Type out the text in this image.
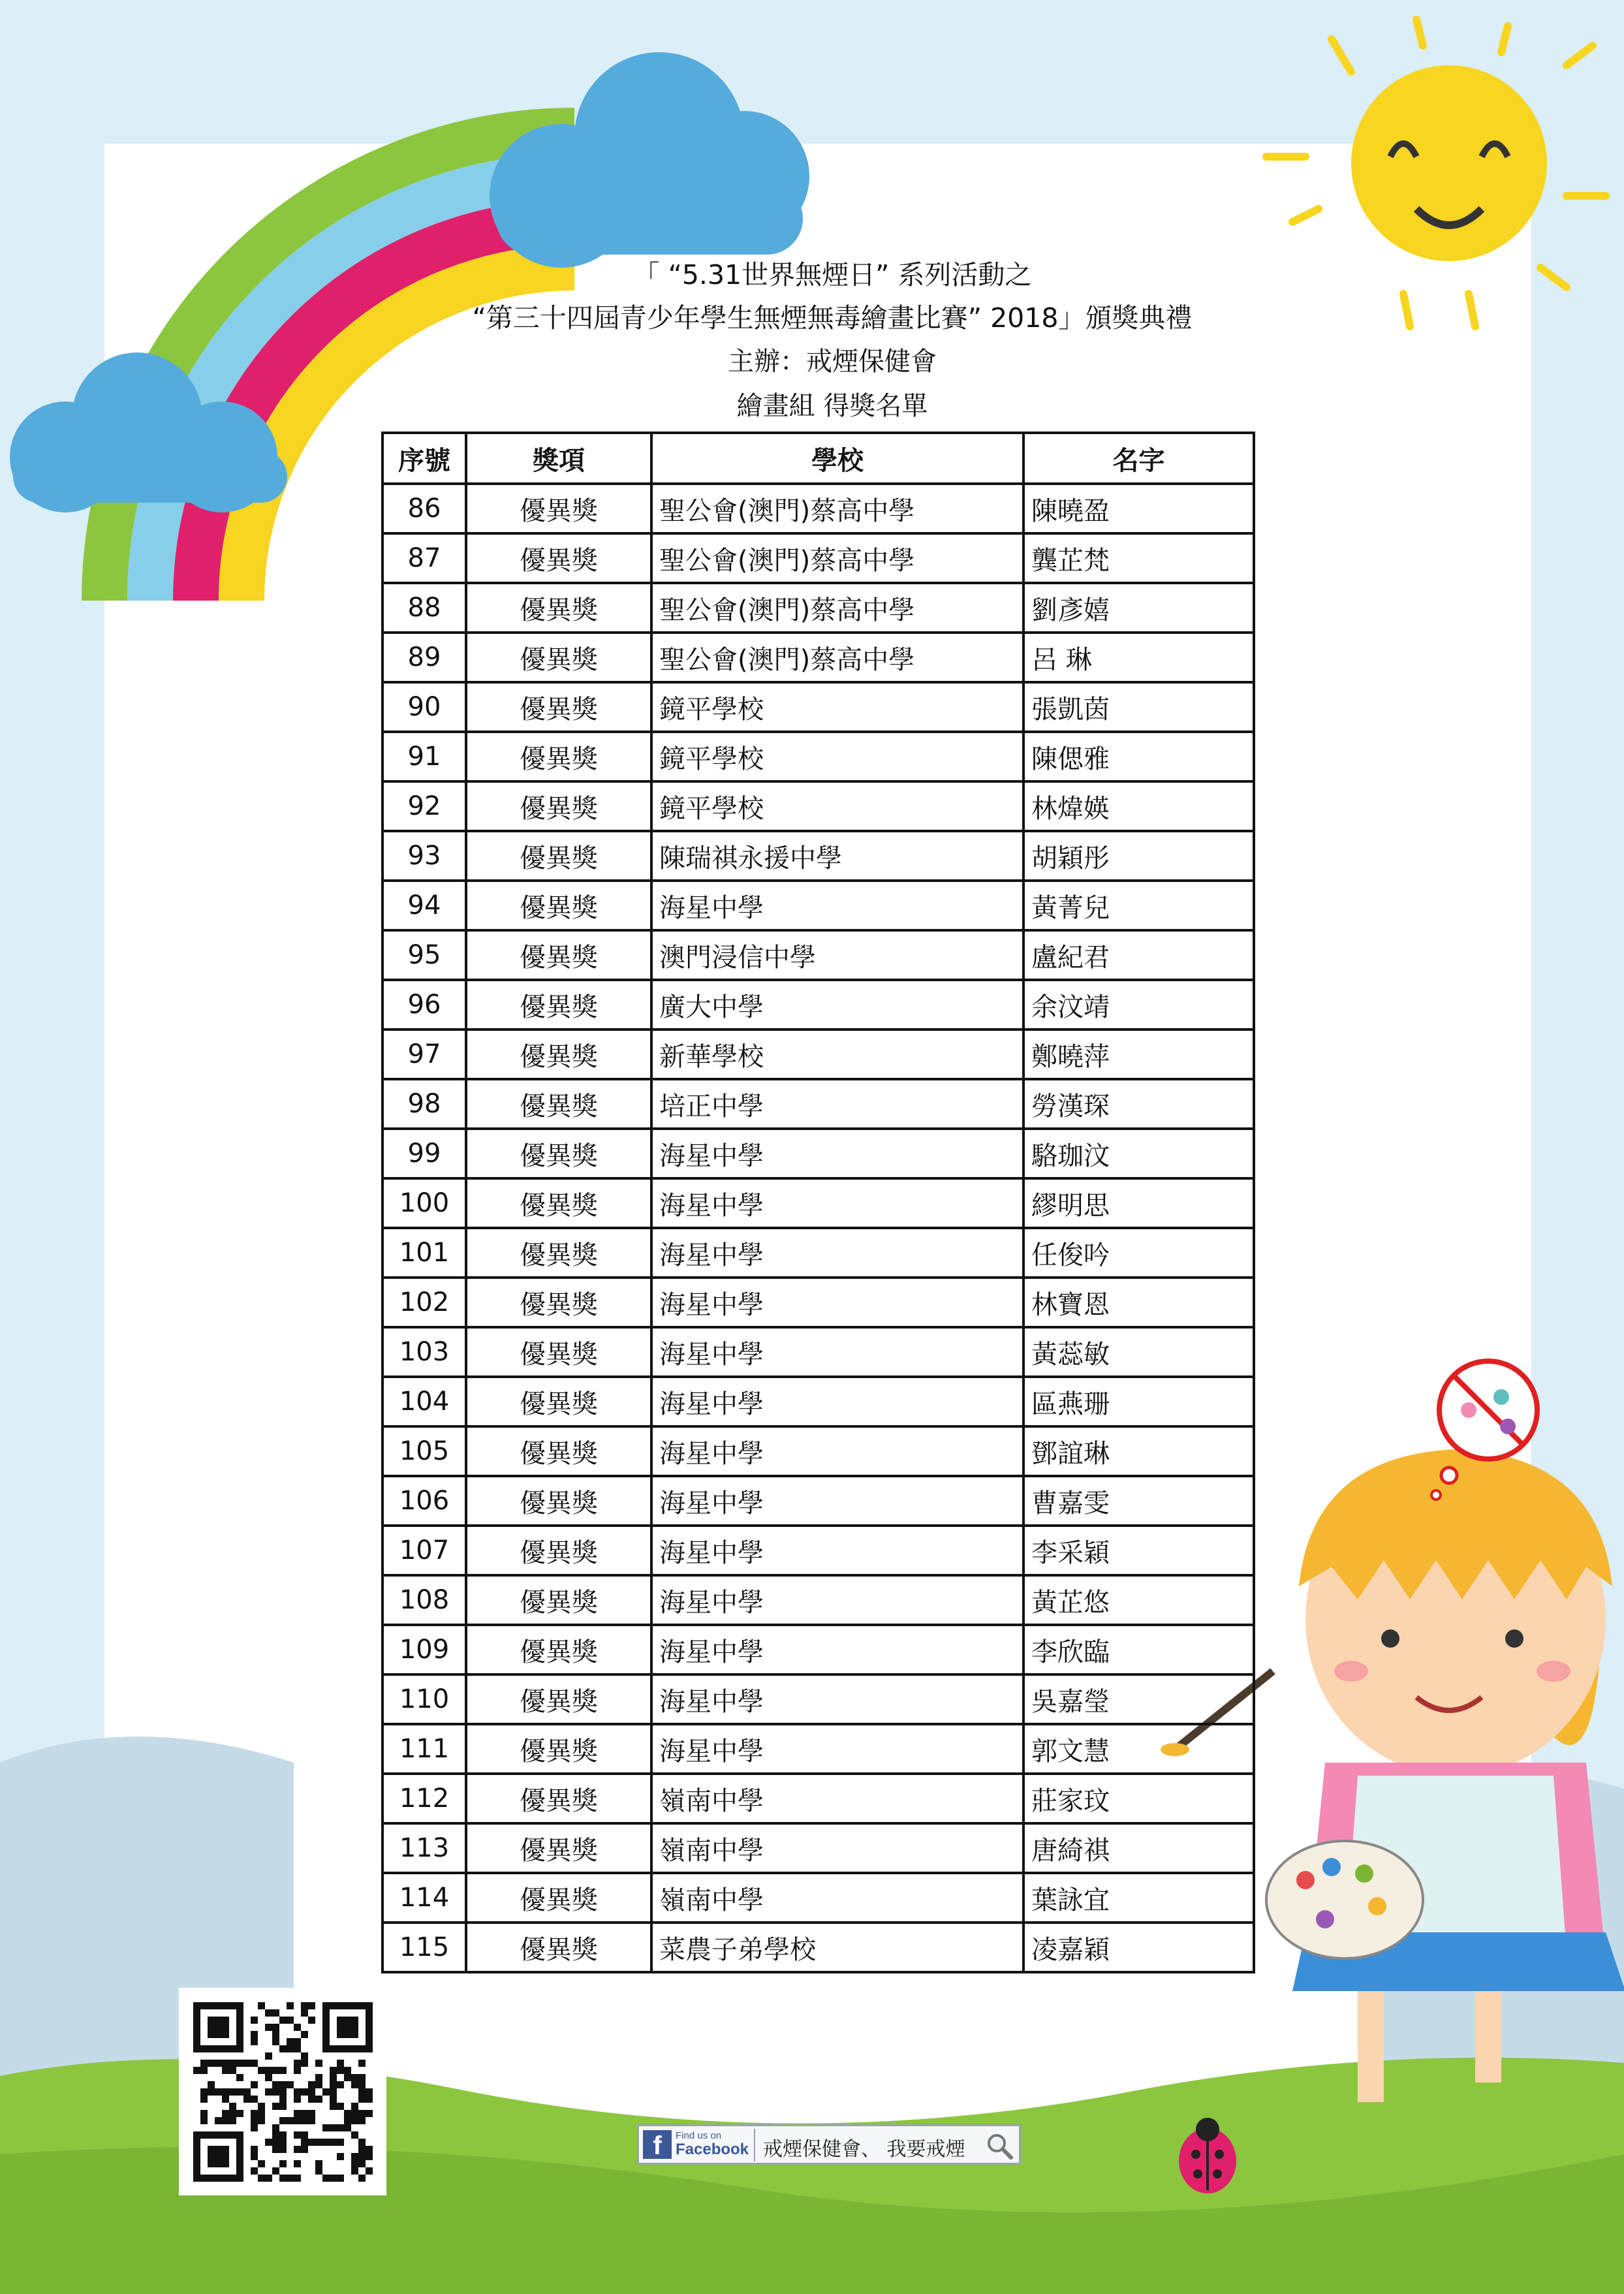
「 “5.31世界無煙日” 系列活動之
“第三十四屆青少年學生無煙無毒繪畫比賽” 2018」頒獎典禮
主辦：戒煙保健會
繪畫組 得獎名單
序號	獎項	學校	名字
86	優異獎	聖公會(澳門)蔡高中學	陳曉盈
87	優異獎	聖公會(澳門)蔡高中學	龔芷梵
88	優異獎	聖公會(澳門)蔡高中學	劉彥嬉
89	優異獎	聖公會(澳門)蔡高中學	呂 琳
90	優異獎	鏡平學校	張凱茵
91	優異獎	鏡平學校	陳偲雅
92	優異獎	鏡平學校	林煒媖
93	優異獎	陳瑞祺永援中學	胡穎彤
94	優異獎	海星中學	黃菁兒
95	優異獎	澳門浸信中學	盧紀君
96	優異獎	廣大中學	余汶靖
97	優異獎	新華學校	鄭曉萍
98	優異獎	培正中學	勞漢琛
99	優異獎	海星中學	駱珈汶
100	優異獎	海星中學	繆明思
101	優異獎	海星中學	任俊吟
102	優異獎	海星中學	林寶恩
103	優異獎	海星中學	黃蕊敏
104	優異獎	海星中學	區燕珊
105	優異獎	海星中學	鄧誼琳
106	優異獎	海星中學	曹嘉雯
107	優異獎	海星中學	李采穎
108	優異獎	海星中學	黃芷悠
109	優異獎	海星中學	李欣臨
110	優異獎	海星中學	吳嘉瑩
111	優異獎	海星中學	郭文慧
112	優異獎	嶺南中學	莊家玟
113	優異獎	嶺南中學	唐綺祺
114	優異獎	嶺南中學	葉詠宜
115	優異獎	菜農子弟學校	凌嘉穎
f	Find us on
Facebook 戒煙保健會、 我要戒煙
